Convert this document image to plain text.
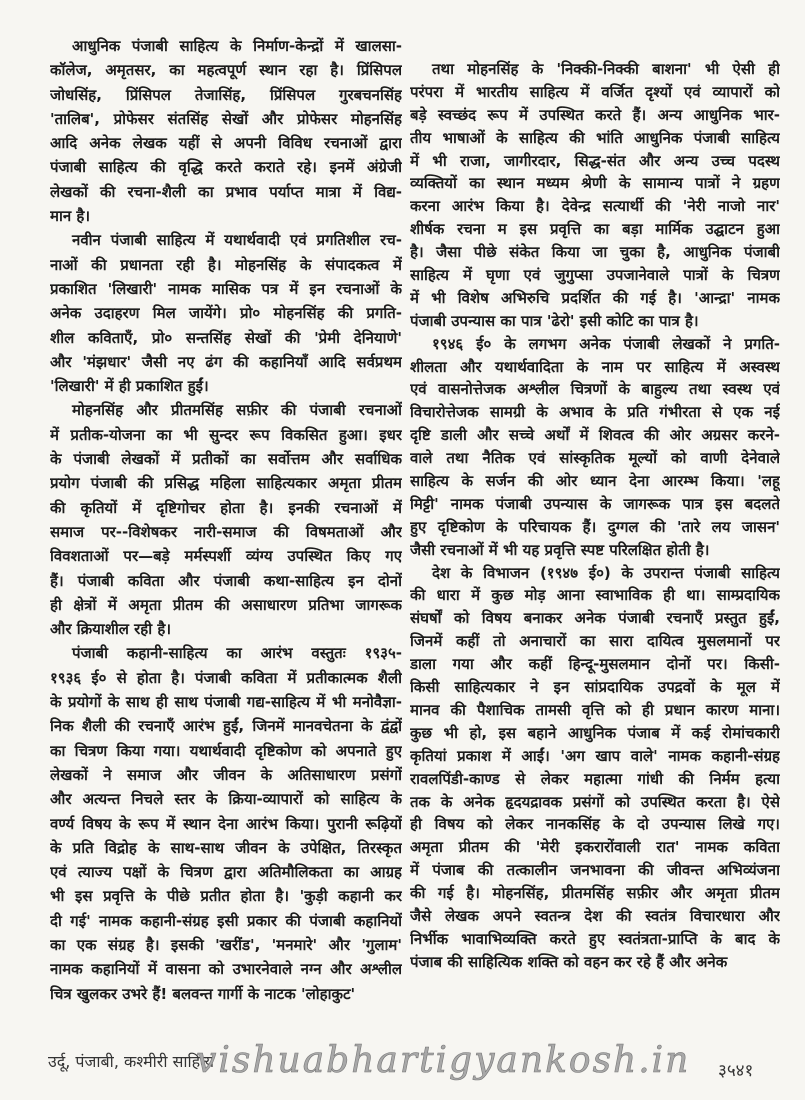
आधुनिक पंजाबी साहित्य के निर्माण-केन्द्रों में खालसा-
कॉलेज, अमृतसर, का महत्वपूर्ण स्थान रहा है। प्रिंसिपल
जोधसिंह, प्रिंसिपल तेजासिंह, प्रिंसिपल गुरबचनसिंह
'तालिब', प्रोफेसर संतसिंह सेखों और प्रोफेसर मोहनसिंह
आदि अनेक लेखक यहीं से अपनी विविध रचनाओं द्वारा
पंजाबी साहित्य की वृद्धि करते कराते रहे। इनमें अंग्रेजी
लेखकों की रचना-शैली का प्रभाव पर्याप्त मात्रा में विद्य-
मान है।
नवीन पंजाबी साहित्य में यथार्थवादी एवं प्रगतिशील रच-
नाओं की प्रधानता रही है। मोहनसिंह के संपादकत्व में
प्रकाशित 'लिखारी' नामक मासिक पत्र में इन रचनाओं के
अनेक उदाहरण मिल जायेंगे। प्रो० मोहनसिंह की प्रगति-
शील कविताएँ, प्रो० सन्तसिंह सेखों की 'प्रेमी देनियाणे'
और 'मंझधार' जैसी नए ढंग की कहानियाँ आदि सर्वप्रथम
'लिखारी' में ही प्रकाशित हुईं।
मोहनसिंह और प्रीतमसिंह सफ़ीर की पंजाबी रचनाओं
में प्रतीक-योजना का भी सुन्दर रूप विकसित हुआ। इधर
के पंजाबी लेखकों में प्रतीकों का सर्वोत्तम और सर्वाधिक
प्रयोग पंजाबी की प्रसिद्ध महिला साहित्यकार अमृता प्रीतम
की कृतियों में दृष्टिगोचर होता है। इनकी रचनाओं में
समाज पर--विशेषकर नारी-समाज की विषमताओं और
विवशताओं पर—बड़े मर्मस्पर्शी व्यंग्य उपस्थित किए गए
हैं। पंजाबी कविता और पंजाबी कथा-साहित्य इन दोनों
ही क्षेत्रों में अमृता प्रीतम की असाधारण प्रतिभा जागरूक
और क्रियाशील रही है।
पंजाबी कहानी-साहित्य का आरंभ वस्तुतः १९३५-
१९३६ ई० से होता है। पंजाबी कविता में प्रतीकात्मक शैली
के प्रयोगों के साथ ही साथ पंजाबी गद्य-साहित्य में भी मनोवैज्ञा-
निक शैली की रचनाएँ आरंभ हुईं, जिनमें मानवचेतना के द्वंद्वों
का चित्रण किया गया। यथार्थवादी दृष्टिकोण को अपनाते हुए
लेखकों ने समाज और जीवन के अतिसाधारण प्रसंगों
और अत्यन्त निचले स्तर के क्रिया-व्यापारों को साहित्य के
वर्ण्य विषय के रूप में स्थान देना आरंभ किया। पुरानी रूढ़ियों
के प्रति विद्रोह के साथ-साथ जीवन के उपेक्षित, तिरस्कृत
एवं त्याज्य पक्षों के चित्रण द्वारा अतिमौलिकता का आग्रह
भी इस प्रवृत्ति के पीछे प्रतीत होता है। 'कुड़ी कहानी कर
दी गई' नामक कहानी-संग्रह इसी प्रकार की पंजाबी कहानियों
का एक संग्रह है। इसकी 'खरींड', 'मनमारे' और 'गुलाम'
नामक कहानियों में वासना को उभारनेवाले नग्न और अश्लील
चित्र खुलकर उभरे हैं! बलवन्त गार्गी के नाटक 'लोहाकुट'
तथा मोहनसिंह के 'निक्की-निक्की बाशना' भी ऐसी ही
परंपरा में भारतीय साहित्य में वर्जित दृश्यों एवं व्यापारों को
बड़े स्वच्छंद रूप में उपस्थित करते हैं। अन्य आधुनिक भार-
तीय भाषाओं के साहित्य की भांति आधुनिक पंजाबी साहित्य
में भी राजा, जागीरदार, सिद्ध-संत और अन्य उच्च पदस्थ
व्यक्तियों का स्थान मध्यम श्रेणी के सामान्य पात्रों ने ग्रहण
करना आरंभ किया है। देवेन्द्र सत्यार्थी की 'नेरी नाजो नार'
शीर्षक रचना म इस प्रवृत्ति का बड़ा मार्मिक उद्घाटन हुआ
है। जैसा पीछे संकेत किया जा चुका है, आधुनिक पंजाबी
साहित्य में घृणा एवं जुगुप्सा उपजानेवाले पात्रों के चित्रण
में भी विशेष अभिरुचि प्रदर्शित की गई है। 'आन्द्रा' नामक
पंजाबी उपन्यास का पात्र 'ढेरो' इसी कोटि का पात्र है।
१९४६ ई० के लगभग अनेक पंजाबी लेखकों ने प्रगति-
शीलता और यथार्थवादिता के नाम पर साहित्य में अस्वस्थ
एवं वासनोत्तेजक अश्लील चित्रणों के बाहुल्य तथा स्वस्थ एवं
विचारोत्तेजक सामग्री के अभाव के प्रति गंभीरता से एक नई
दृष्टि डाली और सच्चे अर्थों में शिवत्व की ओर अग्रसर करने-
वाले तथा नैतिक एवं सांस्कृतिक मूल्यों को वाणी देनेवाले
साहित्य के सर्जन की ओर ध्यान देना आरम्भ किया। 'लहू
मिट्टी' नामक पंजाबी उपन्यास के जागरूक पात्र इस बदलते
हुए दृष्टिकोण के परिचायक हैं। दुग्गल की 'तारे लय जासन'
जैसी रचनाओं में भी यह प्रवृत्ति स्पष्ट परिलक्षित होती है।
देश के विभाजन (१९४७ ई०) के उपरान्त पंजाबी साहित्य
की धारा में कुछ मोड़ आना स्वाभाविक ही था। साम्प्रदायिक
संघर्षों को विषय बनाकर अनेक पंजाबी रचनाएँ प्रस्तुत हुईं,
जिनमें कहीं तो अनाचारों का सारा दायित्व मुसलमानों पर
डाला गया और कहीं हिन्दू-मुसलमान दोनों पर। किसी-
किसी साहित्यकार ने इन सांप्रदायिक उपद्रवों के मूल में
मानव की पैशाचिक तामसी वृत्ति को ही प्रधान कारण माना।
कुछ भी हो, इस बहाने आधुनिक पंजाब में कई रोमांचकारी
कृतियां प्रकाश में आईं। 'अग खाप वाले' नामक कहानी-संग्रह
रावलपिंडी-काण्ड से लेकर महात्मा गांधी की निर्मम हत्या
तक के अनेक हृदयद्रावक प्रसंगों को उपस्थित करता है। ऐसे
ही विषय को लेकर नानकसिंह के दो उपन्यास लिखे गए।
अमृता प्रीतम की 'मेरी इकरारोंवाली रात' नामक कविता
में पंजाब की तत्कालीन जनभावना की जीवन्त अभिव्यंजना
की गई है। मोहनसिंह, प्रीतमसिंह सफ़ीर और अमृता प्रीतम
जैसे लेखक अपने स्वतन्त्र देश की स्वतंत्र विचारधारा और
निर्भीक भावाभिव्यक्ति करते हुए स्वतंत्रता-प्राप्ति के बाद के
पंजाब की साहित्यिक शक्ति को वहन कर रहे हैं और अनेक
उर्दू, पंजाबी, कश्मीरी साहित्य
vishuabhartigyankosh.in ३५४१
